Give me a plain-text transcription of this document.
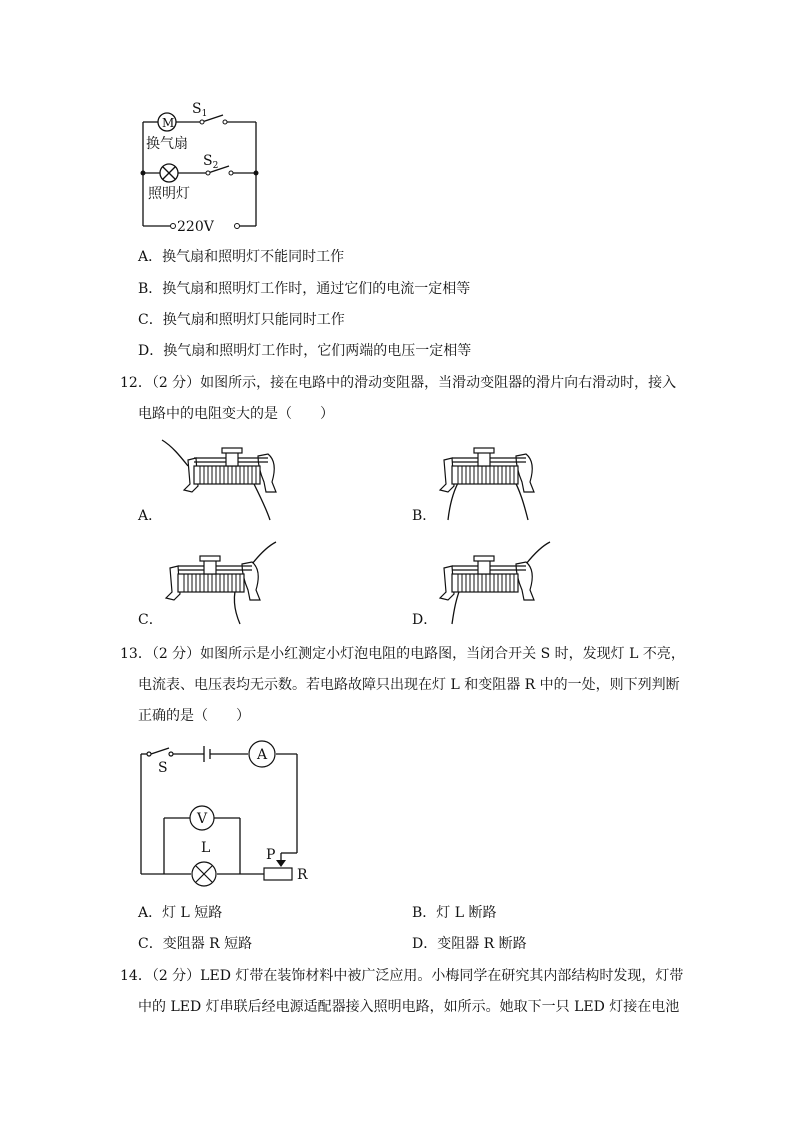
M
$S_1$
换气扇
$S_2$
照明灯
220V
A．换气扇和照明灯不能同时工作
B．换气扇和照明灯工作时，通过它们的电流一定相等
C．换气扇和照明灯只能同时工作
D．换气扇和照明灯工作时，它们两端的电压一定相等
12．（2 分）如图所示，接在电路中的滑动变阻器，当滑动变阻器的滑片向右滑动时，接入
电路中的电阻变大的是（　　）
A．	B．
C．	D．
13．（2 分）如图所示是小红测定小灯泡电阻的电路图，当闭合开关 S 时，发现灯 L 不亮，
电流表、电压表均无示数。若电路故障只出现在灯 L 和变阻器 R 中的一处，则下列判断
正确的是（　　）
A
V
S
L	P
R
A．灯 L 短路	B．灯 L 断路
C．变阻器 R 短路	D．变阻器 R 断路
14．（2 分）LED 灯带在装饰材料中被广泛应用。小梅同学在研究其内部结构时发现，灯带
中的 LED 灯串联后经电源适配器接入照明电路，如所示。她取下一只 LED 灯接在电池
